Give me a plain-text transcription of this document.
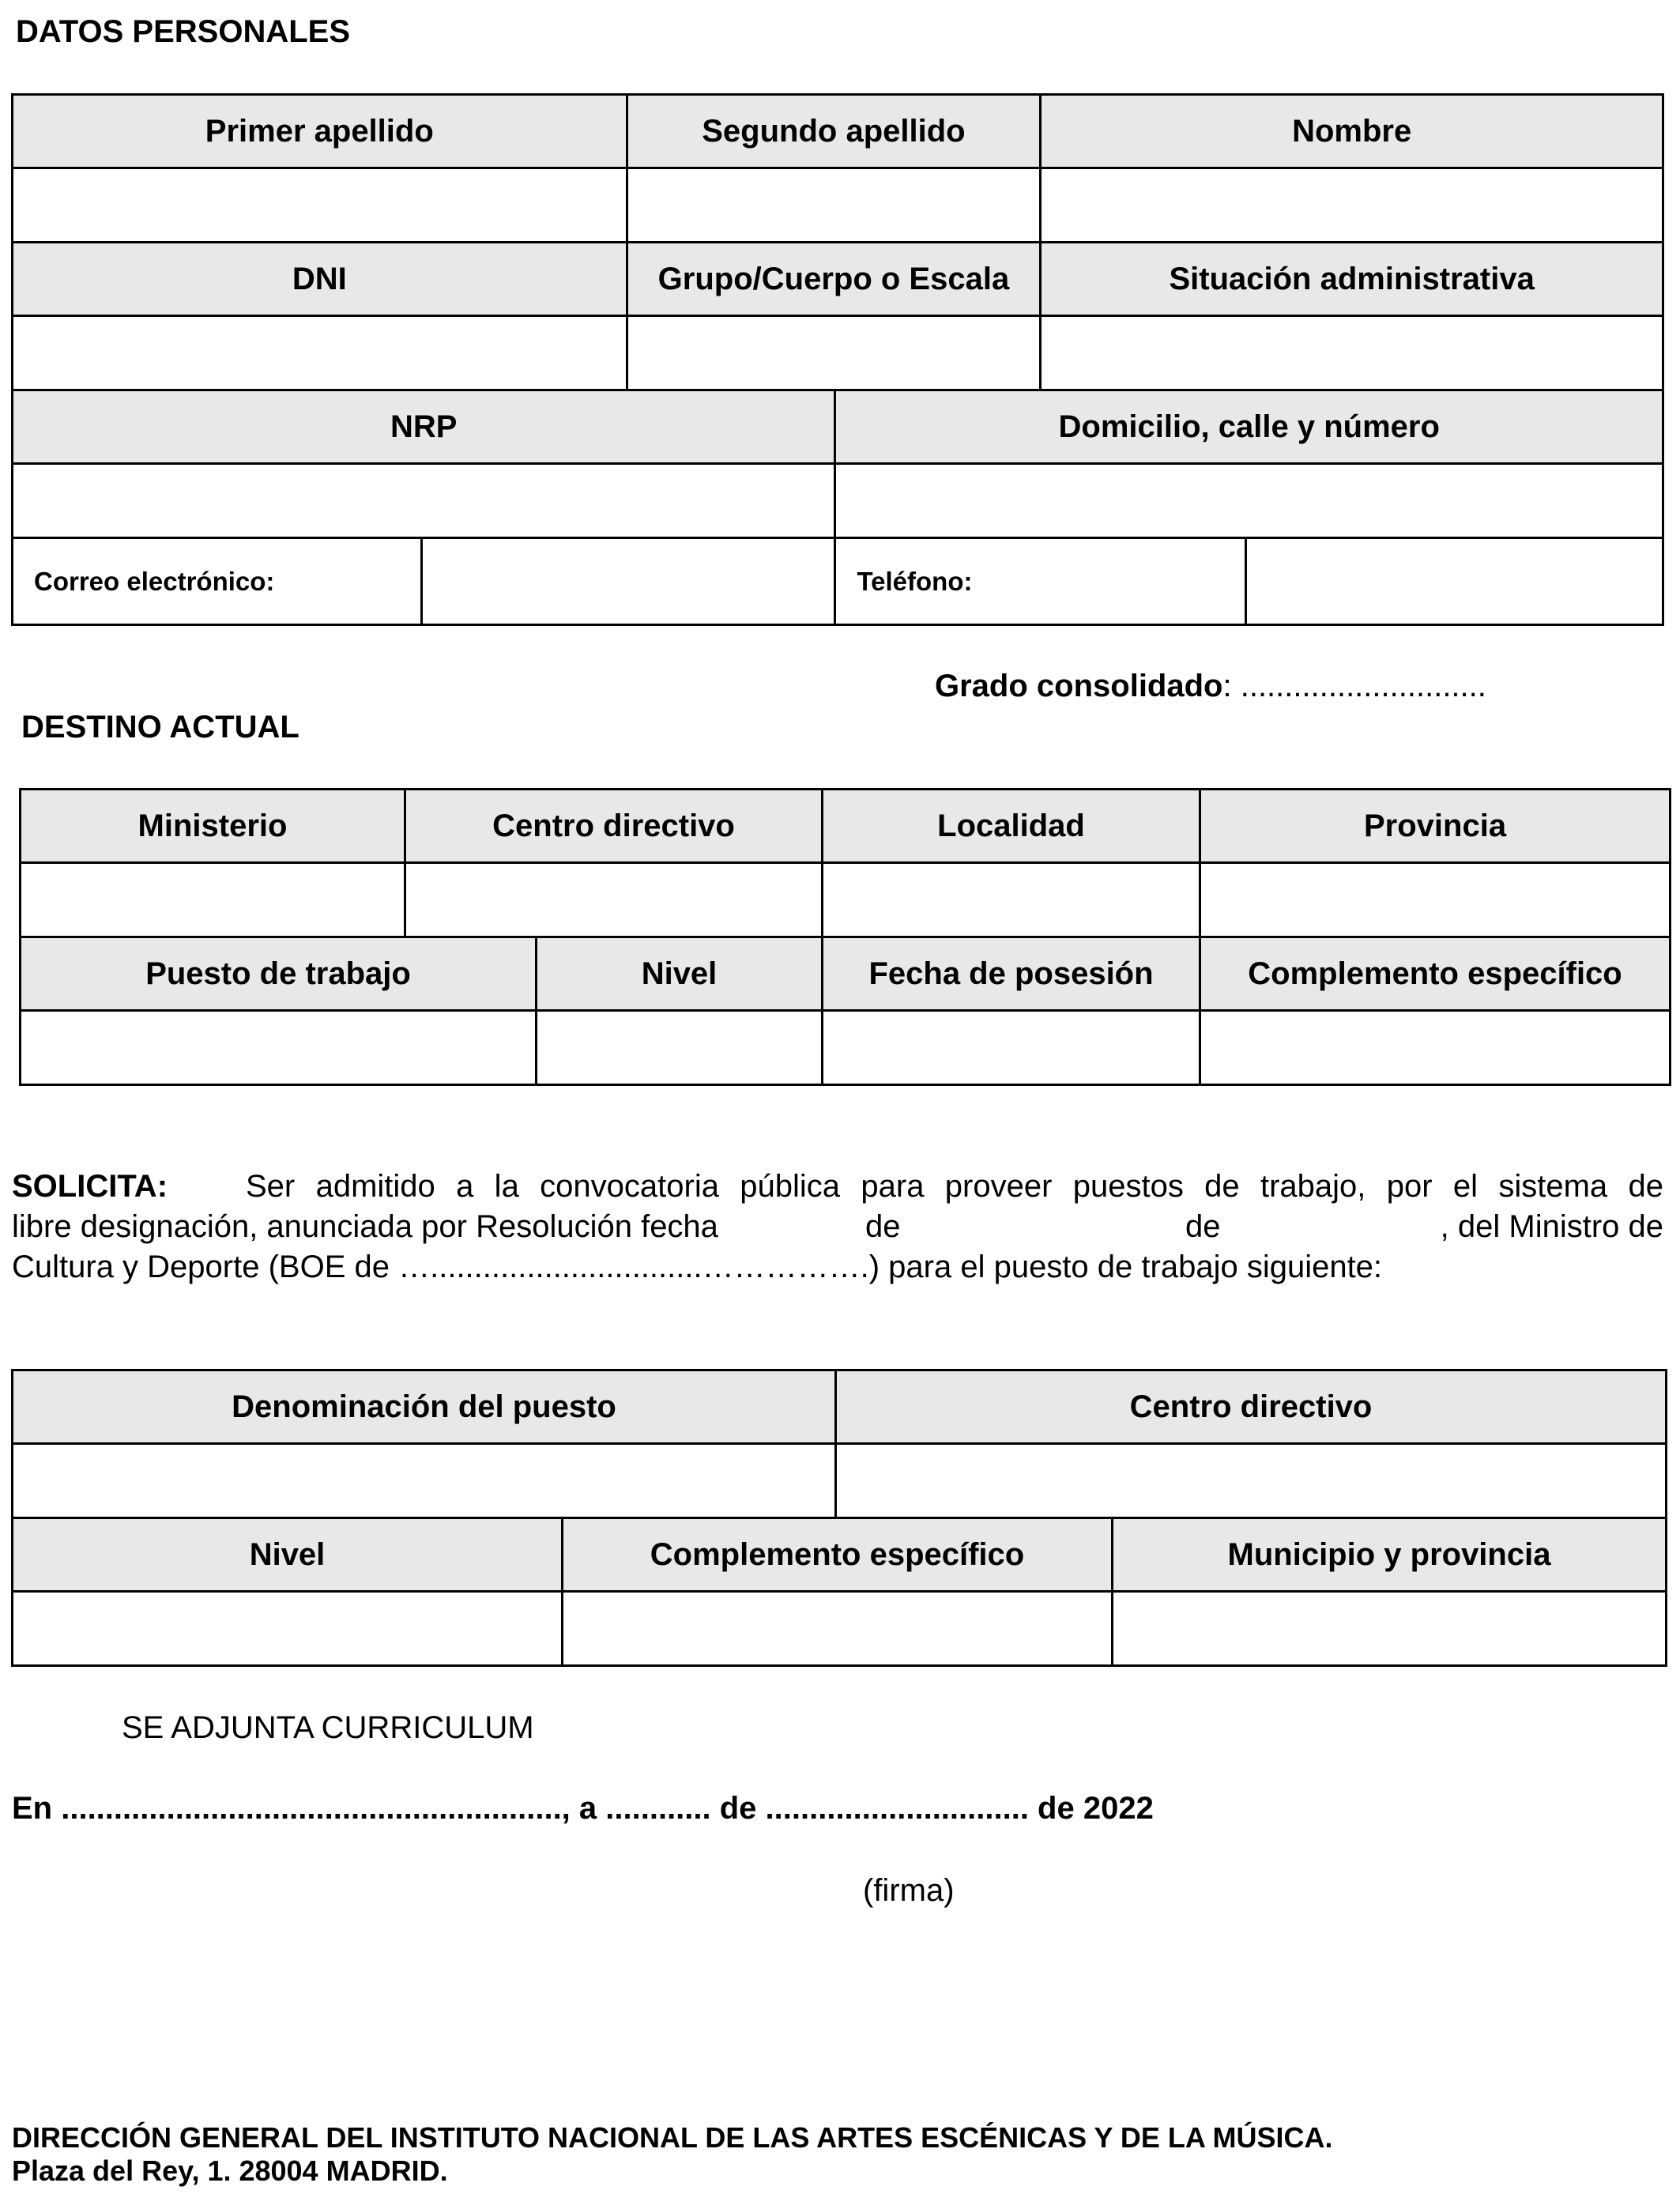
DATOS PERSONALES
Primer apellido		Segundo apellido		Nombre	

DNI		Grupo/Cuerpo o Escala		Situación administrativa	

NRP			Domicilio, calle y número		

Correo electrónico:			Teléfono:		
Grado consolidado: ............................
DESTINO ACTUAL
Ministerio	Centro directivo		Localidad	Provincia

Puesto de trabajo		Nivel	Fecha de posesión	Complemento específico

SOLICITA:	Ser admitido a la convocatoria pública para proveer puestos de trabajo, por el sistema de
libre designación, anunciada por Resolución fecha	de	de	, del Ministro de
Cultura y Deporte (BOE de …...............................…………….) para el puesto de trabajo siguiente:
Denominación del puesto		Centro directivo	

Nivel	Complemento específico		Municipio y provincia

SE ADJUNTA CURRICULUM
En ........................................................., a ............ de .............................. de 2022
(firma)
DIRECCIÓN GENERAL DEL INSTITUTO NACIONAL DE LAS ARTES ESCÉNICAS Y DE LA MÚSICA.
Plaza del Rey, 1. 28004 MADRID.
